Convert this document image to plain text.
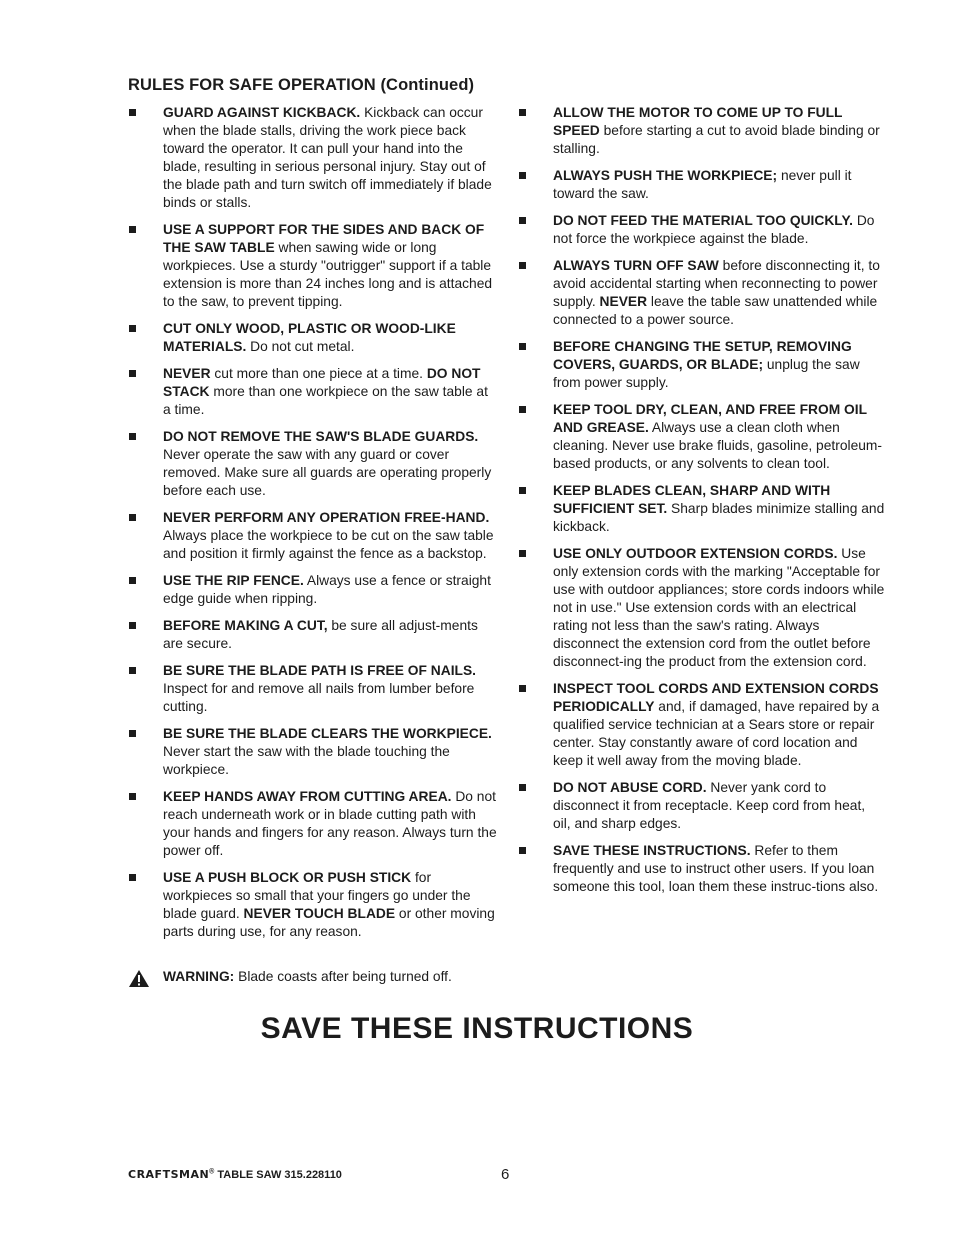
RULES FOR SAFE OPERATION (Continued)
GUARD AGAINST KICKBACK. Kickback can occur when the blade stalls, driving the work piece back toward the operator. It can pull your hand into the blade, resulting in serious personal injury. Stay out of the blade path and turn switch off immediately if blade binds or stalls.
USE A SUPPORT FOR THE SIDES AND BACK OF THE SAW TABLE when sawing wide or long workpieces. Use a sturdy "outrigger" support if a table extension is more than 24 inches long and is attached to the saw, to prevent tipping.
CUT ONLY WOOD, PLASTIC OR WOOD-LIKE MATERIALS. Do not cut metal.
NEVER cut more than one piece at a time. DO NOT STACK more than one workpiece on the saw table at a time.
DO NOT REMOVE THE SAW'S BLADE GUARDS. Never operate the saw with any guard or cover removed. Make sure all guards are operating properly before each use.
NEVER PERFORM ANY OPERATION FREE-HAND. Always place the workpiece to be cut on the saw table and position it firmly against the fence as a backstop.
USE THE RIP FENCE. Always use a fence or straight edge guide when ripping.
BEFORE MAKING A CUT, be sure all adjust-ments are secure.
BE SURE THE BLADE PATH IS FREE OF NAILS. Inspect for and remove all nails from lumber before cutting.
BE SURE THE BLADE CLEARS THE WORKPIECE. Never start the saw with the blade touching the workpiece.
KEEP HANDS AWAY FROM CUTTING AREA. Do not reach underneath work or in blade cutting path with your hands and fingers for any reason. Always turn the power off.
USE A PUSH BLOCK OR PUSH STICK for workpieces so small that your fingers go under the blade guard. NEVER TOUCH BLADE or other moving parts during use, for any reason.
ALLOW THE MOTOR TO COME UP TO FULL SPEED before starting a cut to avoid blade binding or stalling.
ALWAYS PUSH THE WORKPIECE; never pull it toward the saw.
DO NOT FEED THE MATERIAL TOO QUICKLY. Do not force the workpiece against the blade.
ALWAYS TURN OFF SAW before disconnecting it, to avoid accidental starting when reconnecting to power supply. NEVER leave the table saw unattended while connected to a power source.
BEFORE CHANGING THE SETUP, REMOVING COVERS, GUARDS, OR BLADE; unplug the saw from power supply.
KEEP TOOL DRY, CLEAN, AND FREE FROM OIL AND GREASE. Always use a clean cloth when cleaning. Never use brake fluids, gasoline, petroleum-based products, or any solvents to clean tool.
KEEP BLADES CLEAN, SHARP AND WITH SUFFICIENT SET. Sharp blades minimize stalling and kickback.
USE ONLY OUTDOOR EXTENSION CORDS. Use only extension cords with the marking "Acceptable for use with outdoor appliances; store cords indoors while not in use." Use extension cords with an electrical rating not less than the saw's rating. Always disconnect the extension cord from the outlet before disconnect-ing the product from the extension cord.
INSPECT TOOL CORDS AND EXTENSION CORDS PERIODICALLY and, if damaged, have repaired by a qualified service technician at a Sears store or repair center. Stay constantly aware of cord location and keep it well away from the moving blade.
DO NOT ABUSE CORD. Never yank cord to disconnect it from receptacle. Keep cord from heat, oil, and sharp edges.
SAVE THESE INSTRUCTIONS. Refer to them frequently and use to instruct other users. If you loan someone this tool, loan them these instruc-tions also.
WARNING: Blade coasts after being turned off.
SAVE THESE INSTRUCTIONS
CRAFTSMAN® TABLE SAW 315.228110	6
